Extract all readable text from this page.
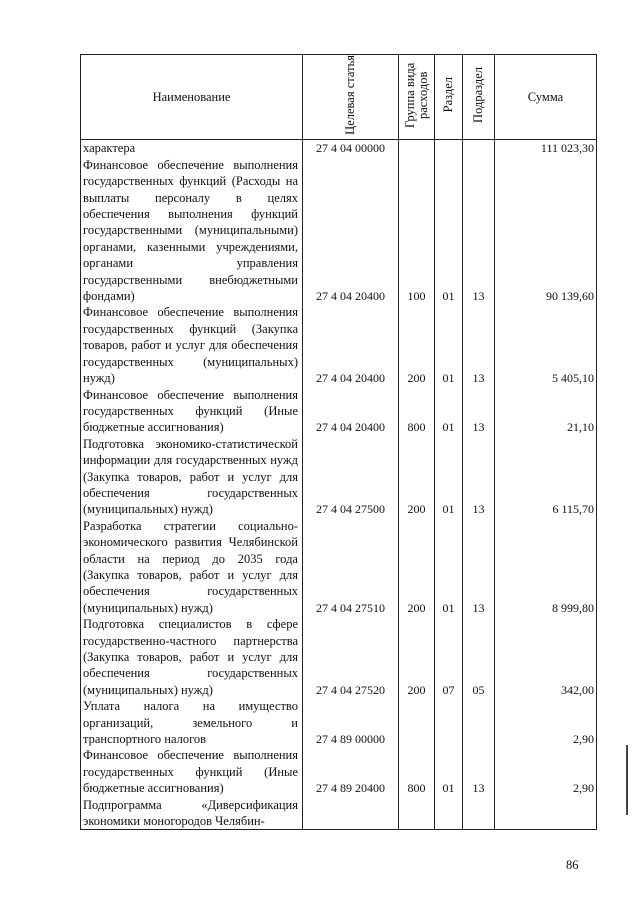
Наименование	Целевая статья	Группа вида расходов	Раздел	Подраздел	Сумма
характера	27 4 04 00000				111 023,30
Финансовое обеспечение выполнения государственных функций (Расходы на выплаты персоналу в целях обеспечения выполнения функций государственными (муниципальными) органами, казенными учреждениями, органами управления государственными внебюджетными фондами)	27 4 04 20400	100	01	13	90 139,60
Финансовое обеспечение выполнения государственных функций (Закупка товаров, работ и услуг для обеспечения государственных (муниципальных) нужд)	27 4 04 20400	200	01	13	5 405,10
Финансовое обеспечение выполнения государственных функций (Иные бюджетные ассигнования)	27 4 04 20400	800	01	13	21,10
Подготовка экономико-статистической информации для государственных нужд (Закупка товаров, работ и услуг для обеспечения государственных (муниципальных) нужд)	27 4 04 27500	200	01	13	6 115,70
Разработка стратегии социально-экономического развития Челябинской области на период до 2035 года (Закупка товаров, работ и услуг для обеспечения государственных (муниципальных) нужд)	27 4 04 27510	200	01	13	8 999,80
Подготовка специалистов в сфере государственно-частного партнерства (Закупка товаров, работ и услуг для обеспечения государственных (муниципальных) нужд)	27 4 04 27520	200	07	05	342,00
Уплата налога на имущество организаций, земельного и транспортного налогов	27 4 89 00000				2,90
Финансовое обеспечение выполнения государственных функций (Иные бюджетные ассигнования)	27 4 89 20400	800	01	13	2,90
Подпрограмма «Диверсификация экономики моногородов Челябин-					
86
